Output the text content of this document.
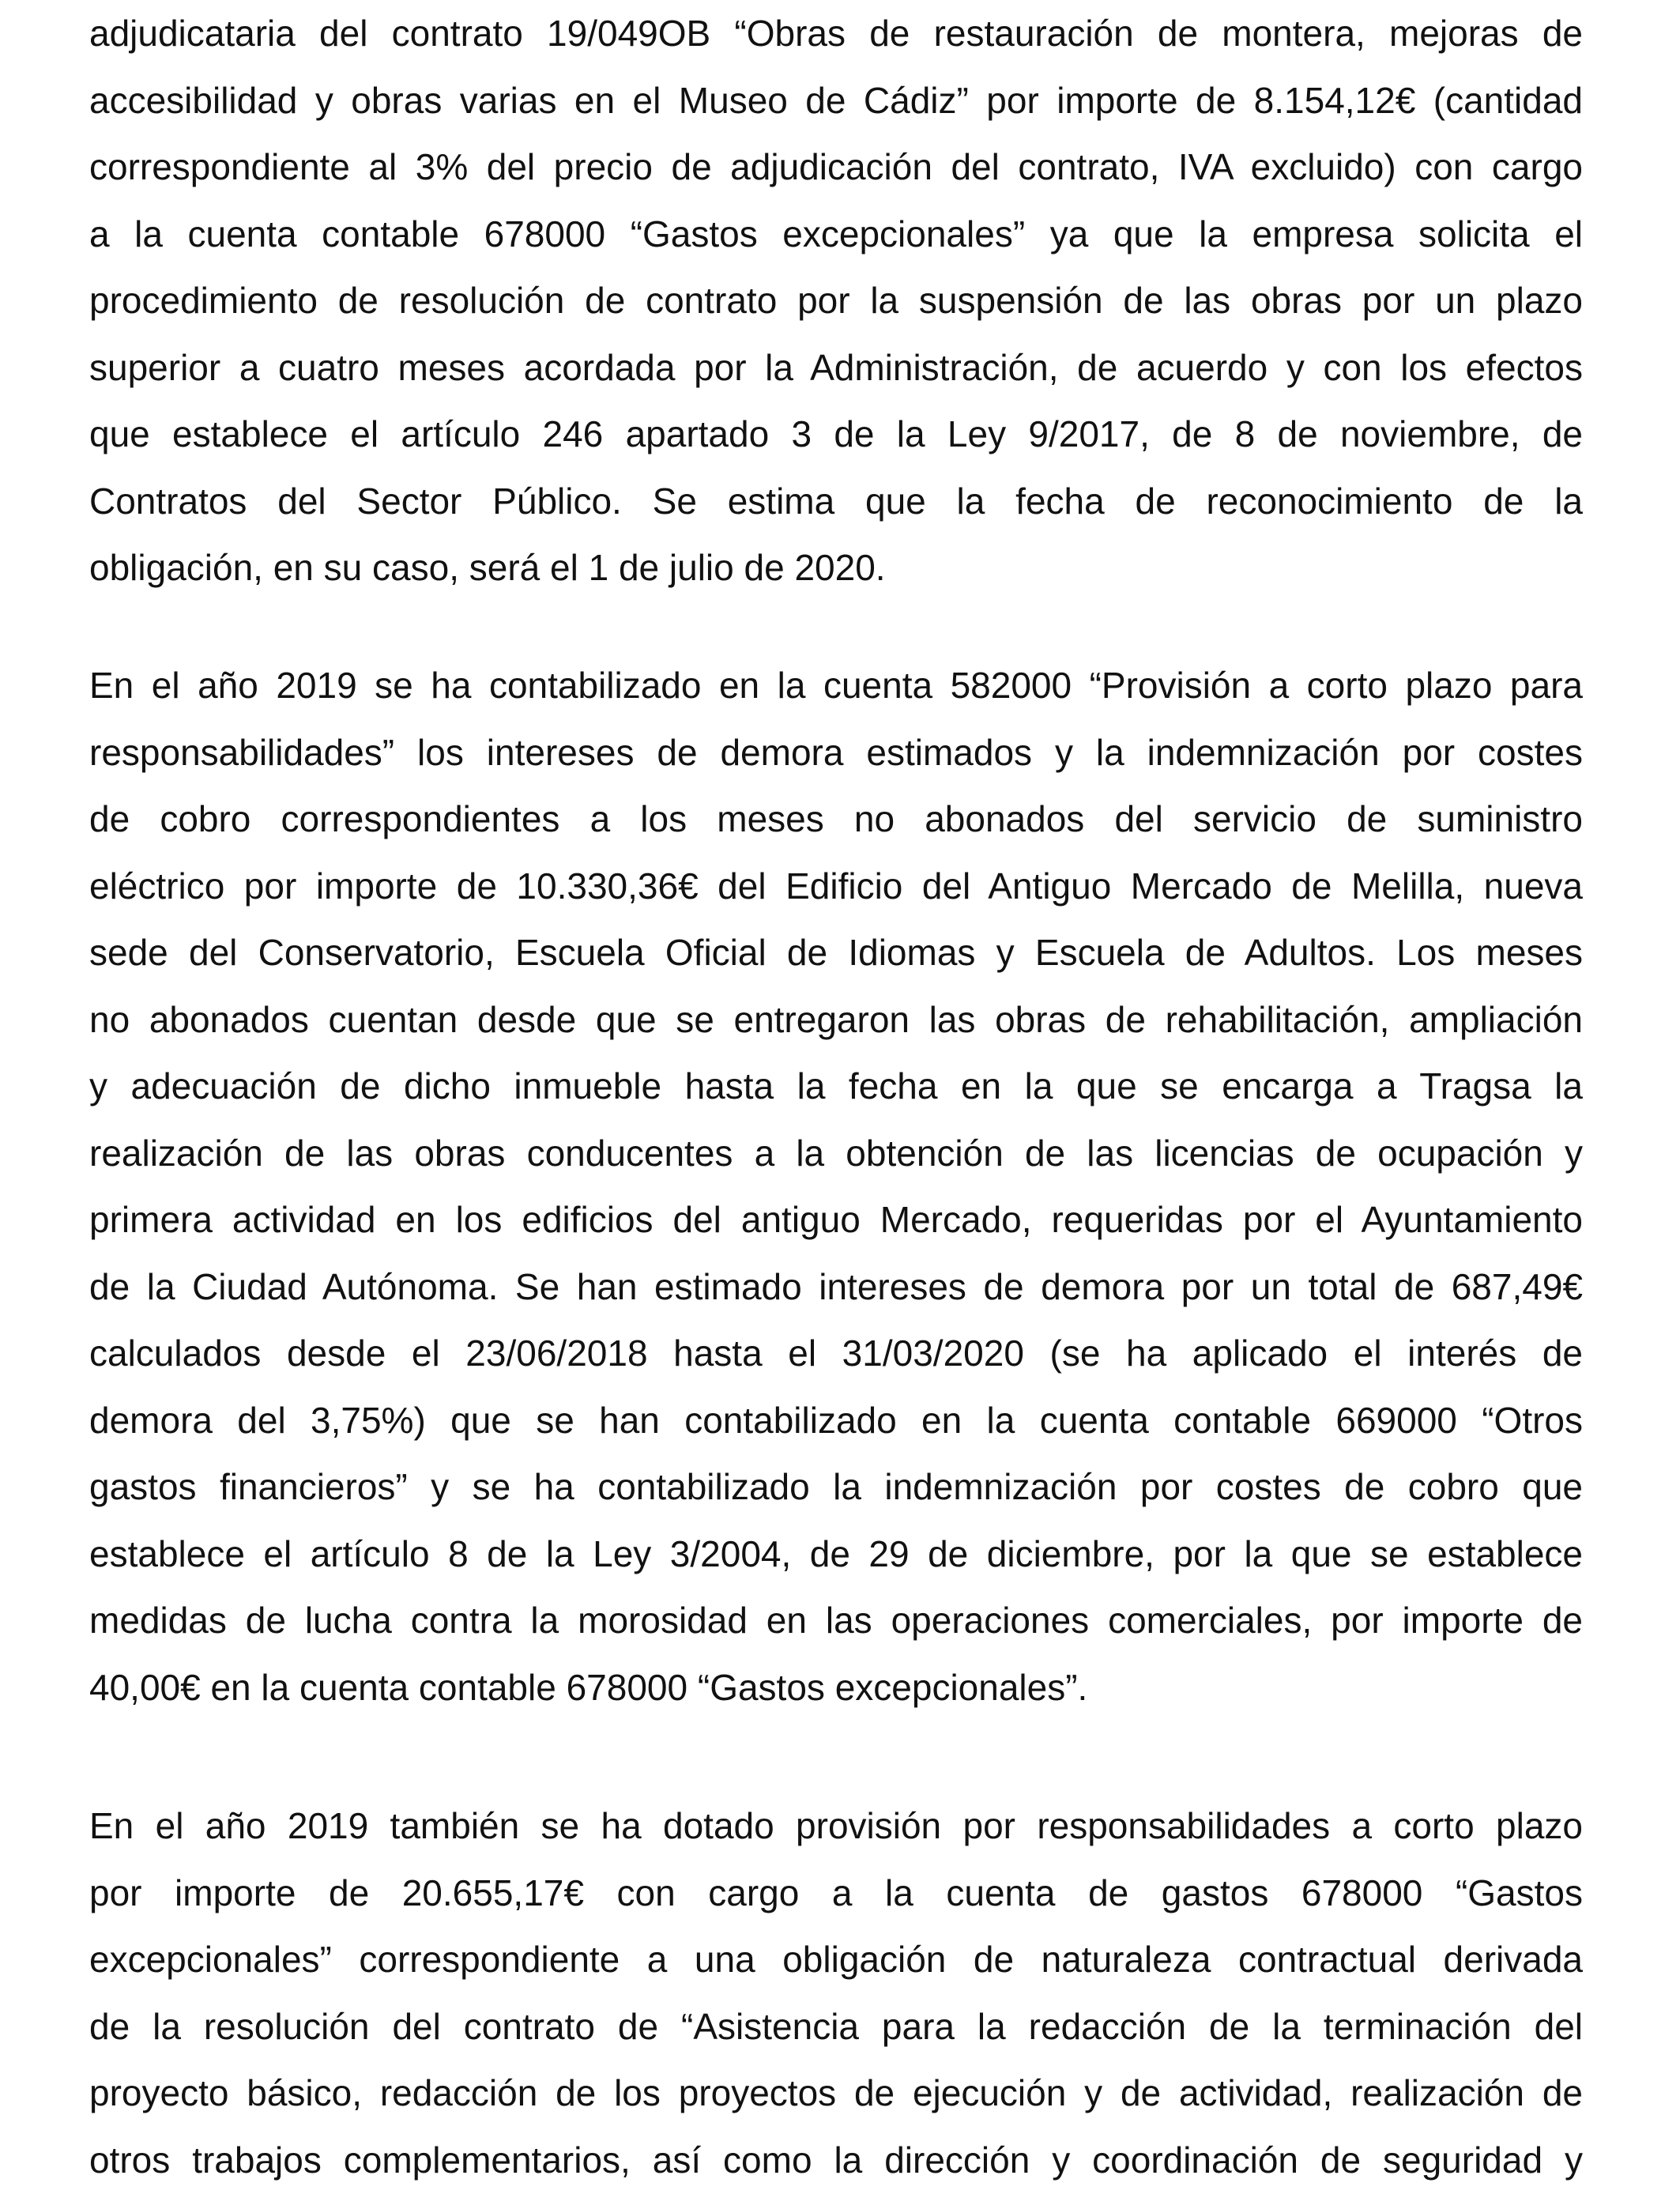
adjudicataria del contrato 19/049OB “Obras de restauración de montera, mejoras de
accesibilidad y obras varias en el Museo de Cádiz” por importe de 8.154,12€ (cantidad
correspondiente al 3% del precio de adjudicación del contrato, IVA excluido) con cargo
a la cuenta contable 678000 “Gastos excepcionales” ya que la empresa solicita el
procedimiento de resolución de contrato por la suspensión de las obras por un plazo
superior a cuatro meses acordada por la Administración, de acuerdo y con los efectos
que establece el artículo 246 apartado 3 de la Ley 9/2017, de 8 de noviembre, de
Contratos del Sector Público. Se estima que la fecha de reconocimiento de la
obligación, en su caso, será el 1 de julio de 2020.
En el año 2019 se ha contabilizado en la cuenta 582000 “Provisión a corto plazo para
responsabilidades” los intereses de demora estimados y la indemnización por costes
de cobro correspondientes a los meses no abonados del servicio de suministro
eléctrico por importe de 10.330,36€ del Edificio del Antiguo Mercado de Melilla, nueva
sede del Conservatorio, Escuela Oficial de Idiomas y Escuela de Adultos. Los meses
no abonados cuentan desde que se entregaron las obras de rehabilitación, ampliación
y adecuación de dicho inmueble hasta la fecha en la que se encarga a Tragsa la
realización de las obras conducentes a la obtención de las licencias de ocupación y
primera actividad en los edificios del antiguo Mercado, requeridas por el Ayuntamiento
de la Ciudad Autónoma. Se han estimado intereses de demora por un total de 687,49€
calculados desde el 23/06/2018 hasta el 31/03/2020 (se ha aplicado el interés de
demora del 3,75%) que se han contabilizado en la cuenta contable 669000 “Otros
gastos financieros” y se ha contabilizado la indemnización por costes de cobro que
establece el artículo 8 de la Ley 3/2004, de 29 de diciembre, por la que se establece
medidas de lucha contra la morosidad en las operaciones comerciales, por importe de
40,00€ en la cuenta contable 678000 “Gastos excepcionales”.
En el año 2019 también se ha dotado provisión por responsabilidades a corto plazo
por importe de 20.655,17€ con cargo a la cuenta de gastos 678000 “Gastos
excepcionales” correspondiente a una obligación de naturaleza contractual derivada
de la resolución del contrato de “Asistencia para la redacción de la terminación del
proyecto básico, redacción de los proyectos de ejecución y de actividad, realización de
otros trabajos complementarios, así como la dirección y coordinación de seguridad y
